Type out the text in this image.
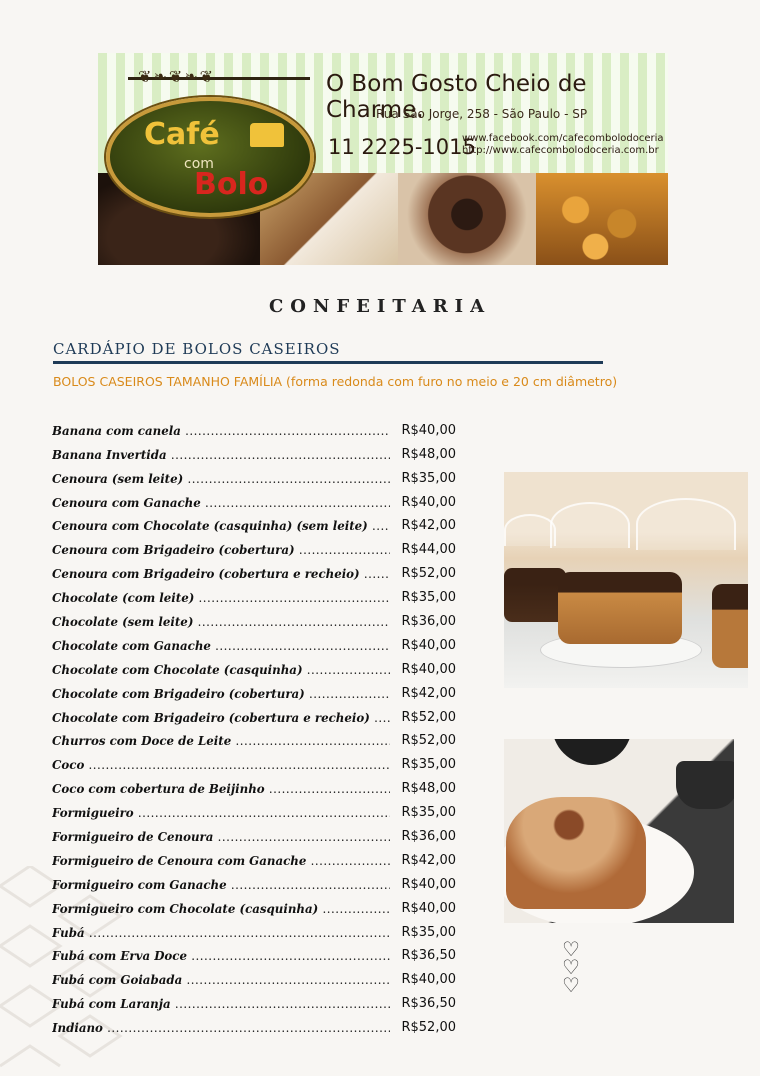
❦❧❦❧❦
Café
com
Bolo
O Bom Gosto Cheio de Charme.
Rua São Jorge, 258 - São Paulo - SP
11 2225-1015
www.facebook.com/cafecombolodoceria
http://www.cafecombolodoceria.com.br
CONFEITARIA
CARDÁPIO DE BOLOS CASEIROS
BOLOS CASEIROS TAMANHO FAMÍLIA (forma redonda com furo no meio e 20 cm diâmetro)
Banana com canela .....	R$40,00
Banana Invertida .....	R$48,00
Cenoura (sem leite) .....	R$35,00
Cenoura com Ganache .....	R$40,00
Cenoura com Chocolate (casquinha) (sem leite) .....	R$42,00
Cenoura com Brigadeiro (cobertura) .....	R$44,00
Cenoura com Brigadeiro (cobertura e recheio) .....	R$52,00
Chocolate (com leite) .....	R$35,00
Chocolate (sem leite) .....	R$36,00
Chocolate com Ganache .....	R$40,00
Chocolate com Chocolate (casquinha) .....	R$40,00
Chocolate com Brigadeiro (cobertura) .....	R$42,00
Chocolate com Brigadeiro (cobertura e recheio) .....	R$52,00
Churros com Doce de Leite .....	R$52,00
Coco .....	R$35,00
Coco com cobertura de Beijinho .....	R$48,00
Formigueiro .....	R$35,00
Formigueiro de Cenoura .....	R$36,00
Formigueiro de Cenoura com Ganache .....	R$42,00
Formigueiro com Ganache .....	R$40,00
Formigueiro com Chocolate (casquinha) .....	R$40,00
Fubá .....	R$35,00
Fubá com Erva Doce .....	R$36,50
Fubá com Goiabada .....	R$40,00
Fubá com Laranja .....	R$36,50
Indiano .....	R$52,00
♡ ♡ ♡
